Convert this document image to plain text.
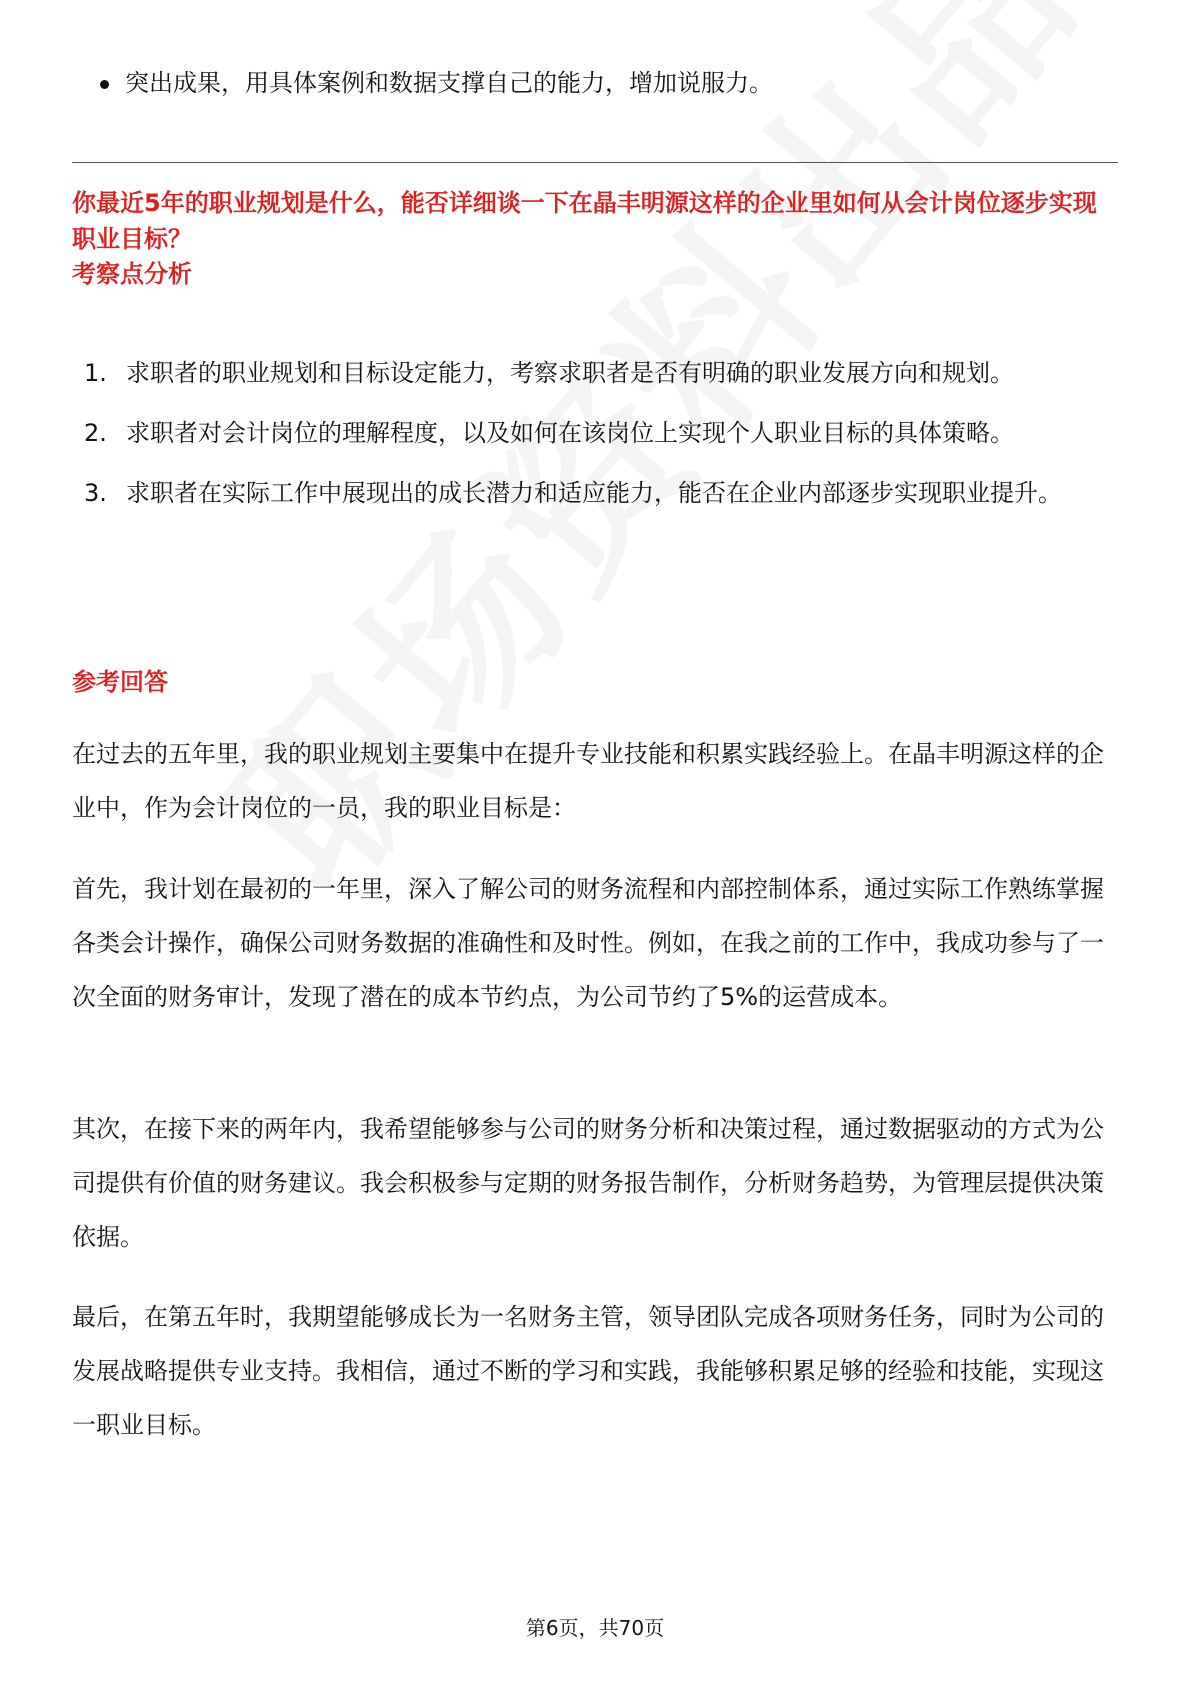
突出成果，用具体案例和数据支撑自己的能力，增加说服力。
你最近5年的职业规划是什么，能否详细谈一下在晶丰明源这样的企业里如何从会计岗位逐步实现职业目标？
考察点分析
1. 求职者的职业规划和目标设定能力，考察求职者是否有明确的职业发展方向和规划。
2. 求职者对会计岗位的理解程度，以及如何在该岗位上实现个人职业目标的具体策略。
3. 求职者在实际工作中展现出的成长潜力和适应能力，能否在企业内部逐步实现职业提升。
参考回答

在过去的五年里，我的职业规划主要集中在提升专业技能和积累实践经验上。在晶丰明源这样的企业中，作为会计岗位的一员，我的职业目标是：

首先，我计划在最初的一年里，深入了解公司的财务流程和内部控制体系，通过实际工作熟练掌握各类会计操作，确保公司财务数据的准确性和及时性。例如，在我之前的工作中，我成功参与了一次全面的财务审计，发现了潜在的成本节约点，为公司节约了5%的运营成本。

其次，在接下来的两年内，我希望能够参与公司的财务分析和决策过程，通过数据驱动的方式为公司提供有价值的财务建议。我会积极参与定期的财务报告制作，分析财务趋势，为管理层提供决策依据。

最后，在第五年时，我期望能够成长为一名财务主管，领导团队完成各项财务任务，同时为公司的发展战略提供专业支持。我相信，通过不断的学习和实践，我能够积累足够的经验和技能，实现这一职业目标。

第6页，共70页
